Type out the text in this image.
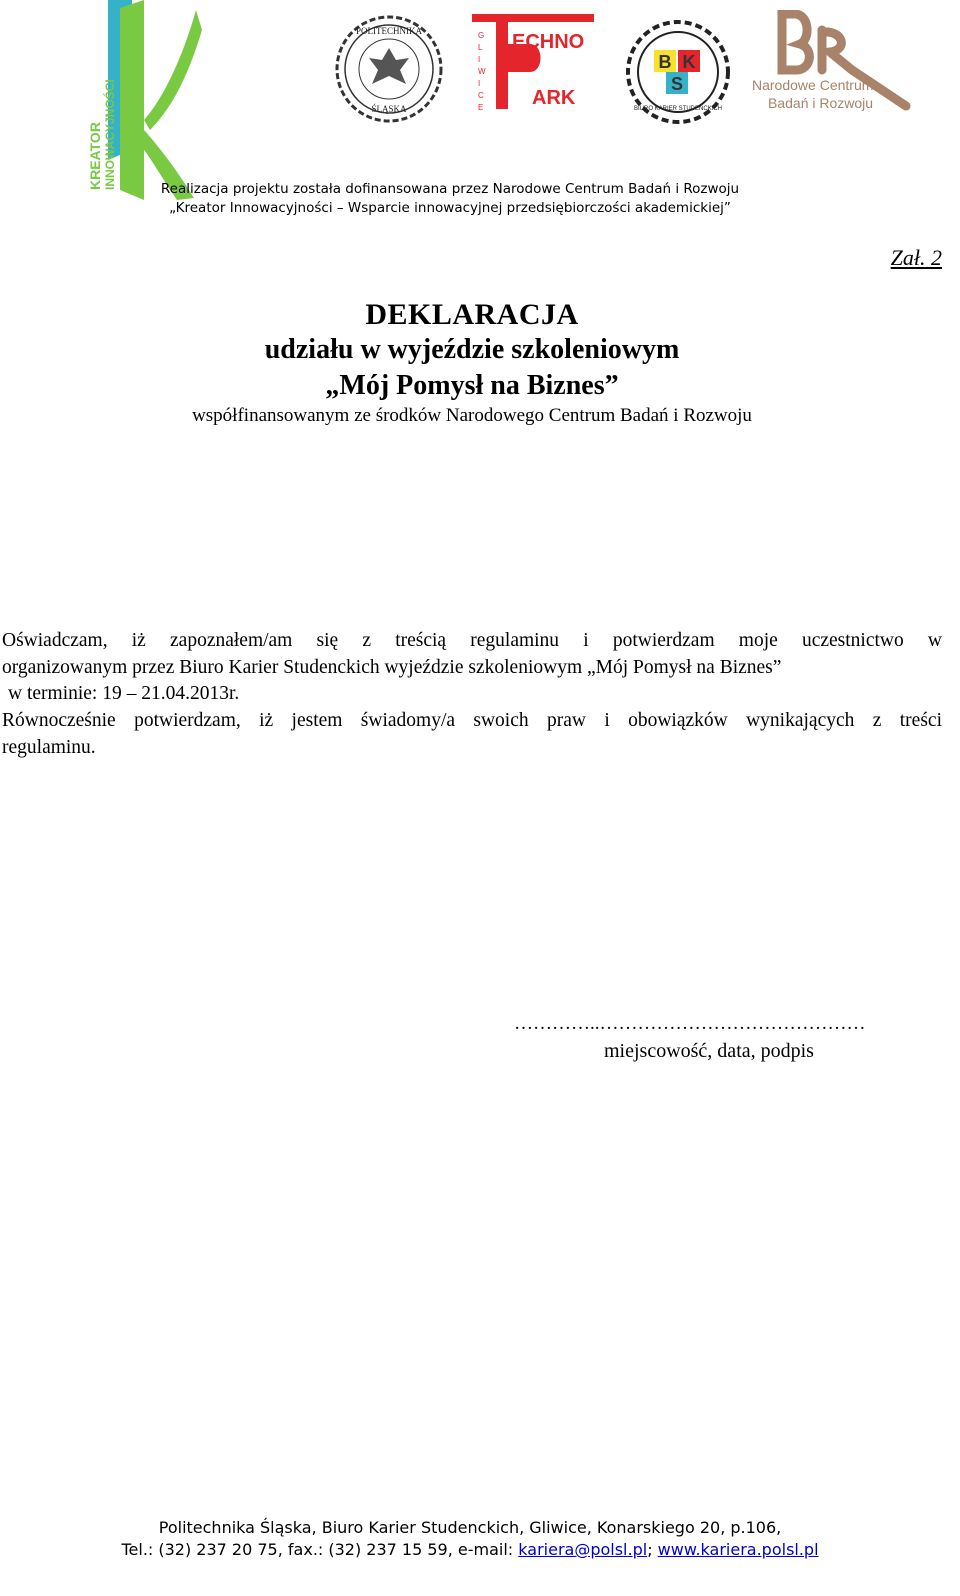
KREATOR INNOWACYJNOŚCI
POLITECHNIKA
ŚLĄSKA
ECHNO
ARK
G
L
I
W
I
C
E
B K
S
BIURO KARIER STUDENCKICH
Narodowe Centrum
Badań i Rozwoju
Realizacja projektu została dofinansowana przez Narodowe Centrum Badań i Rozwoju
„Kreator Innowacyjności – Wsparcie innowacyjnej przedsiębiorczości akademickiej”
Zał. 2
DEKLARACJA
udziału w wyjeździe szkoleniowym
„Mój Pomysł na Biznes”
współfinansowanym ze środków Narodowego Centrum Badań i Rozwoju
Oświadczam, iż zapoznałem/am się z treścią regulaminu i potwierdzam moje uczestnictwo w
organizowanym przez Biuro Karier Studenckich wyjeździe szkoleniowym „Mój Pomysł na Biznes”
w terminie: 19 – 21.04.2013r.
Równocześnie potwierdzam, iż jestem świadomy/a swoich praw i obowiązków wynikających z treści
regulaminu.
…………..……………………………………
miejscowość, data, podpis
Politechnika Śląska, Biuro Karier Studenckich, Gliwice, Konarskiego 20, p.106,
Tel.: (32) 237 20 75, fax.: (32) 237 15 59, e-mail: kariera@polsl.pl; www.kariera.polsl.pl
